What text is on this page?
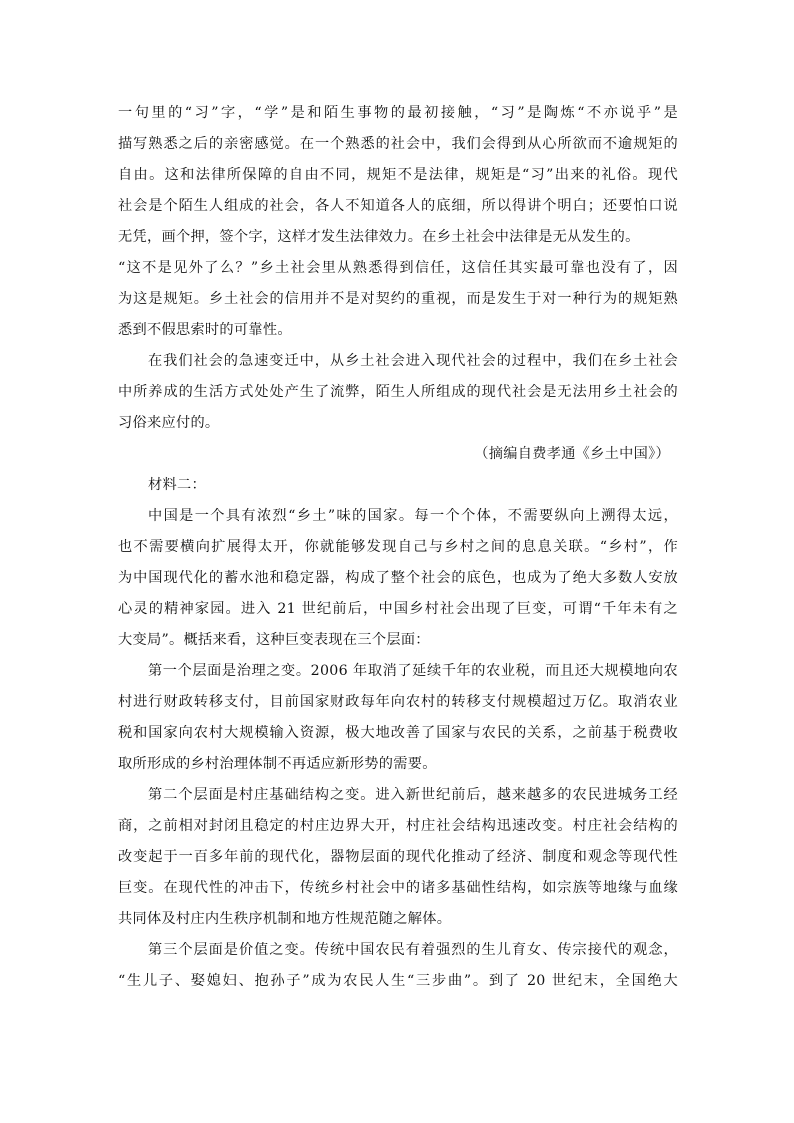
一句里的“习”字，“学”是和陌生事物的最初接触，“习”是陶炼“不亦说乎”是
描写熟悉之后的亲密感觉。在一个熟悉的社会中，我们会得到从心所欲而不逾规矩的
自由。这和法律所保障的自由不同，规矩不是法律，规矩是“习”出来的礼俗。现代
社会是个陌生人组成的社会，各人不知道各人的底细，所以得讲个明白；还要怕口说
无凭，画个押，签个字，这样才发生法律效力。在乡土社会中法律是无从发生的。
“这不是见外了么？”乡土社会里从熟悉得到信任，这信任其实最可靠也没有了，因
为这是规矩。乡土社会的信用并不是对契约的重视，而是发生于对一种行为的规矩熟
悉到不假思索时的可靠性。
在我们社会的急速变迁中，从乡土社会进入现代社会的过程中，我们在乡土社会
中所养成的生活方式处处产生了流弊，陌生人所组成的现代社会是无法用乡土社会的
习俗来应付的。
（摘编自费孝通《乡土中国》）
材料二：
中国是一个具有浓烈“乡土”味的国家。每一个个体，不需要纵向上溯得太远，
也不需要横向扩展得太开，你就能够发现自己与乡村之间的息息关联。“乡村”，作
为中国现代化的蓄水池和稳定器，构成了整个社会的底色，也成为了绝大多数人安放
心灵的精神家园。进入 21 世纪前后，中国乡村社会出现了巨变，可谓“千年未有之
大变局”。概括来看，这种巨变表现在三个层面：
第一个层面是治理之变。2006 年取消了延续千年的农业税，而且还大规模地向农
村进行财政转移支付，目前国家财政每年向农村的转移支付规模超过万亿。取消农业
税和国家向农村大规模输入资源，极大地改善了国家与农民的关系，之前基于税费收
取所形成的乡村治理体制不再适应新形势的需要。
第二个层面是村庄基础结构之变。进入新世纪前后，越来越多的农民进城务工经
商，之前相对封闭且稳定的村庄边界大开，村庄社会结构迅速改变。村庄社会结构的
改变起于一百多年前的现代化，器物层面的现代化推动了经济、制度和观念等现代性
巨变。在现代性的冲击下，传统乡村社会中的诸多基础性结构，如宗族等地缘与血缘
共同体及村庄内生秩序机制和地方性规范随之解体。
第三个层面是价值之变。传统中国农民有着强烈的生儿育女、传宗接代的观念，
“生儿子、娶媳妇、抱孙子”成为农民人生“三步曲”。到了 20 世纪末，全国绝大
